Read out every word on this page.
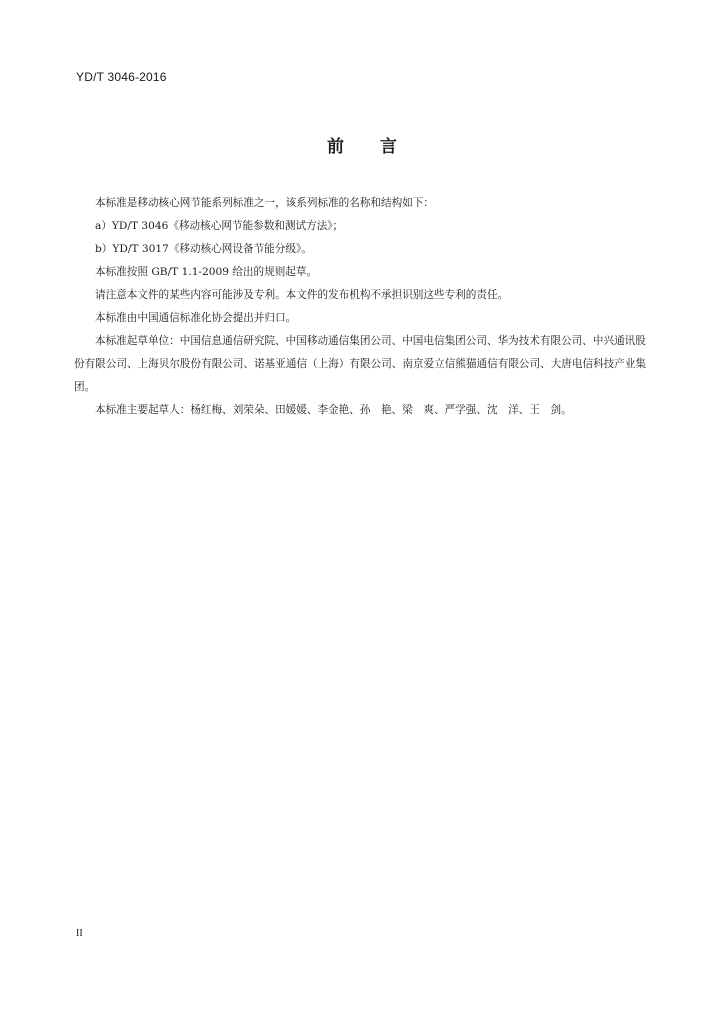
YD/T 3046-2016
前言

本标准是移动核心网节能系列标准之一，该系列标准的名称和结构如下：

a）YD/T 3046《移动核心网节能参数和测试方法》；

b）YD/T 3017《移动核心网设备节能分级》。

本标准按照 GB/T 1.1-2009 给出的规则起草。

请注意本文件的某些内容可能涉及专利。本文件的发布机构不承担识别这些专利的责任。

本标准由中国通信标准化协会提出并归口。

本标准起草单位：中国信息通信研究院、中国移动通信集团公司、中国电信集团公司、华为技术有限公司、中兴通讯股份有限公司、上海贝尔股份有限公司、诺基亚通信（上海）有限公司、南京爱立信熊猫通信有限公司、大唐电信科技产业集团。

本标准主要起草人：杨红梅、刘荣朵、田媛媛、李金艳、孙　艳、梁　爽、严学强、沈　洋、王　剑。

II
